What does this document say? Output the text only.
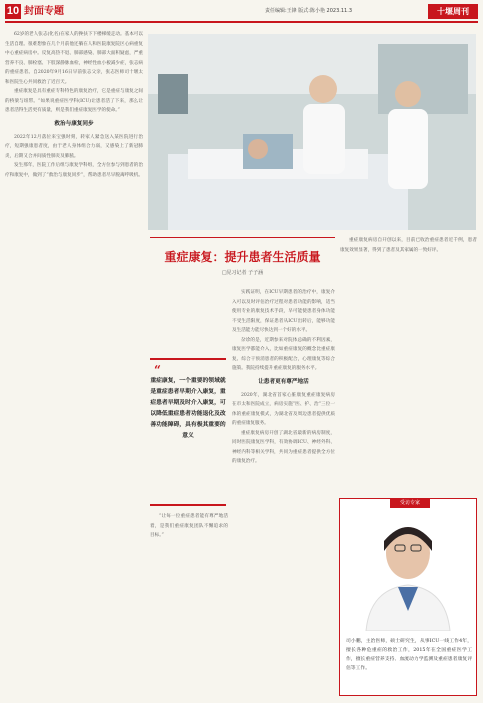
10 封面专题	责任编辑:王锋 版式:陈小艳 2023.11.3	十堰周刊

62岁的老人张志(化名)在家人的搀扶下下楼梯缓走动。基本可以生活自理。很难想象在几个月前他还躺在人和医院康复院区心病重复中心重症病房中。反复高热不退、肺部感染、肺部大面积疑虑，严重营养不良、肺栓塞、下肢深静脉血栓，神经性血小板减少症，张志病的重症患者。自2020年9月16日早前张志父亲，张志医师司十堰太和医院生心共同救治了近百天。

重症康复是具有重症专科特色的康复治疗，它是重症与康复之间的桥梁与纽带。“如果说重症医学科(ICU)让患者活了下来，那么让患者活得生活更有质量，则是我们重症康复医学的使命。”

救治与康复同步

2022年12月落位来宝强时刻，转家人紧急送入某医院进行治疗，短期强康患者度，由于老人身体组合力弱，又感染上了新冠肺炎，后期又合并间质性肺炎及肺脓。

发生那年，医院工作后组与康复学科组，全方位参与到患者的治疗和康复中，做到了“救治与康复同步”，帮助患者尽早脱离呼吸机。

重症康复：提升患者生活质量
□见习记者 子子涵

实践证明，在ICU早期患者的治疗中，康复介入可以及时评估治疗过程对患者功能的影响，适当使用专业的康复技术手段，早可能使患者身体功能不受生活限度，保证患者从ICU出转后，能够功能及生活能力能尽快达到一个好的水平。

杂诊的是，近期参来对院体总确的不利因素，康复医学都能介入，比如重症康复的概念比重症康复、综合干预消患者的积极配合，心理康复等综合施策。我院持续提升重症康复的服务水平。

让患者更有尊严地活

2020年，湖北省首家心脏康复重症康复病房在市太和医院成立，病房实施“医、护、治“三位一体的重症康复模式，为湖北省及周边患者提供优质的重症康复服务。

重症康复病房开创了湖北省最新的病房制度，同时医院康复医学科，有效协调ICU、神经外科、神经内科等相关学科，共同为重症患者提供全方位的康复治疗。

“让每一位重症患者能有尊严地活着，是我们重症康复团队不懈追求的目标。”

“
重症康复，一个重要的领域就是重症患者早期介入康复，重症患者早期及时介入康复，可以降低重症患者功能退化及改善功能障碍，具有极其重要的意义

重症康复病房自开创以来，目前已收治重症患者近千例，患者康复效果显著，得到了患者及其家属的一致好评。

受访专家
司小鹏，主治医师，硕士研究生，从事ICU一线工作4年，擅长各种危重症的救治工作，2015年在全国重症医学工作，擅长重症营养支持、血流动力学监测及重症患者康复评估等工作。
